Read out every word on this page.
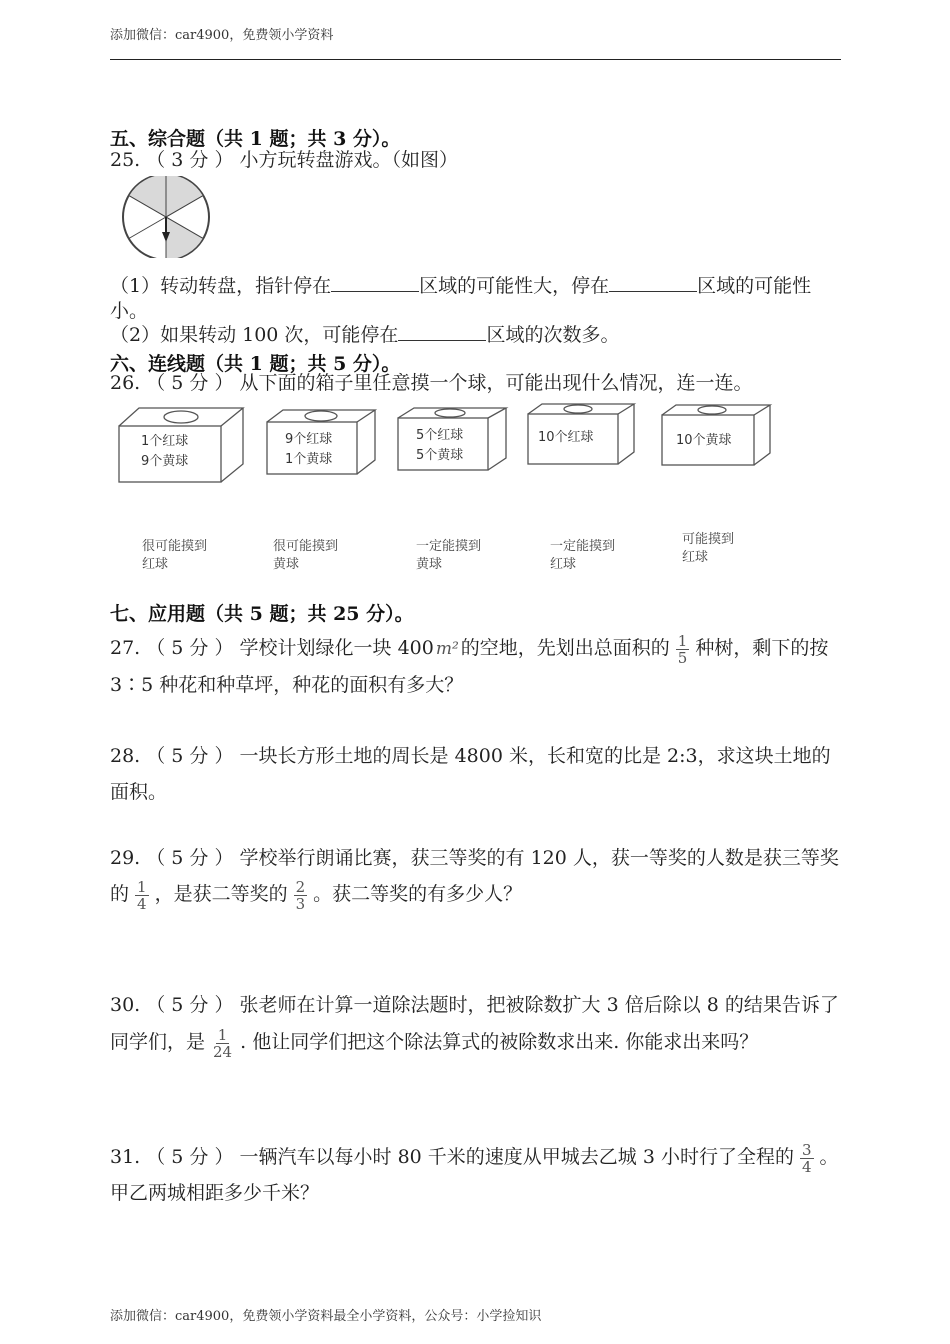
添加微信：car4900，免费领小学资料
添加微信：car4900，免费领小学资料最全小学资料，公众号：小学捡知识
五、综合题（共 1 题；共 3 分）。
25. （ 3 分 ） 小方玩转盘游戏。（如图）
（1）转动转盘，指针停在	区域的可能性大，停在	区域的可能性小。
（2）如果转动 100 次，可能停在	区域的次数多。
六、连线题（共 1 题；共 5 分）。
26. （ 5 分 ） 从下面的箱子里任意摸一个球，可能出现什么情况，连一连。
1个红球
9个黄球
9个红球
1个黄球
5个红球
5个黄球
10个红球	10个黄球
很可能摸到
红球
很可能摸到
黄球
一定能摸到
黄球
一定能摸到
红球
可能摸到
红球
七、应用题（共 5 题；共 25 分）。
27. （ 5 分 ） 学校计划绿化一块 400 m² 的空地，先划出总面积的 $\frac{1}{5}$ 种树，剩下的按 3∶5 种花和种草坪，种花的面积有多大？
28. （ 5 分 ） 一块长方形土地的周长是 4800 米，长和宽的比是 2:3，求这块土地的面积。
29. （ 5 分 ） 学校举行朗诵比赛，获三等奖的有 120 人，获一等奖的人数是获三等奖的 $\frac{1}{4}$ ，是获二等奖的 $\frac{2}{3}$ 。获二等奖的有多少人？
30. （ 5 分 ） 张老师在计算一道除法题时，把被除数扩大 3 倍后除以 8 的结果告诉了同学们，是 $\frac{1}{24}$ . 他让同学们把这个除法算式的被除数求出来. 你能求出来吗？
31. （ 5 分 ） 一辆汽车以每小时 80 千米的速度从甲城去乙城 3 小时行了全程的 $\frac{3}{4}$ 。甲乙两城相距多少千米？
